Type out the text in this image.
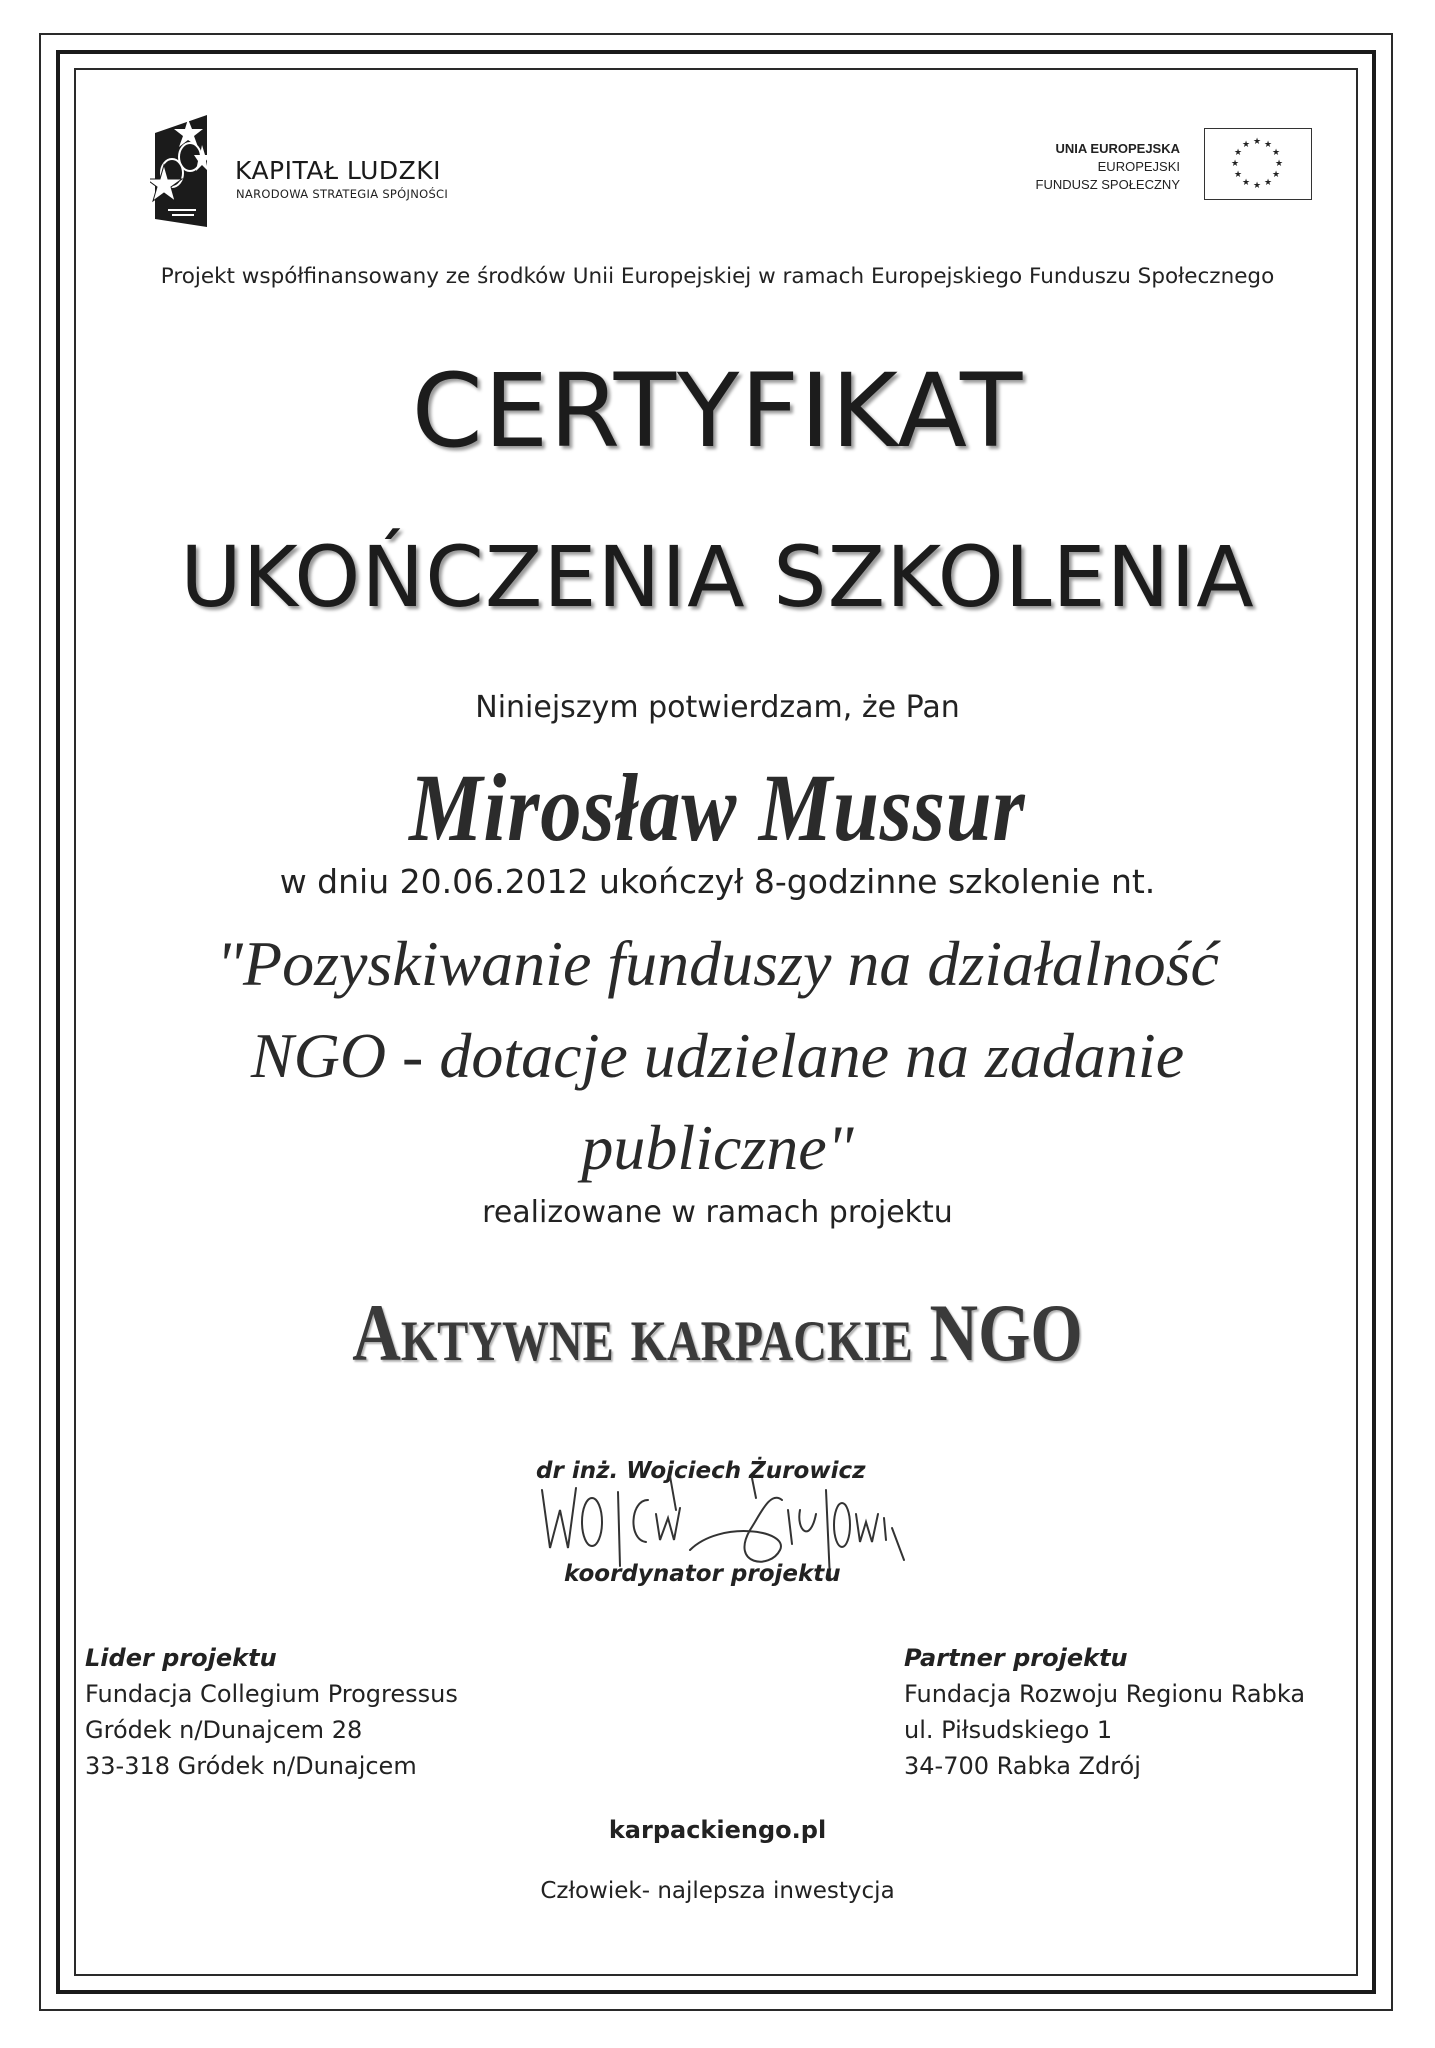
KAPITAŁ LUDZKI
NARODOWA STRATEGIA SPÓJNOŚCI
UNIA EUROPEJSKA
EUROPEJSKI
FUNDUSZ SPOŁECZNY
★ ★
★
★
★
★
★
★
★
★
★
★
Projekt współfinansowany ze środków Unii Europejskiej w ramach Europejskiego Funduszu Społecznego
CERTYFIKAT
UKOŃCZENIA SZKOLENIA
Niniejszym potwierdzam, że Pan
Mirosław Mussur
w dniu 20.06.2012 ukończył 8-godzinne szkolenie nt.
"Pozyskiwanie funduszy na działalność
NGO - dotacje udzielane na zadanie
publiczne"
realizowane w ramach projektu
Aktywne karpackie NGO
dr inż. Wojciech Żurowicz
koordynator projektu
Lider projektu
Fundacja Collegium Progressus
Gródek n/Dunajcem 28
33-318 Gródek n/Dunajcem
Partner projektu
Fundacja Rozwoju Regionu Rabka
ul. Piłsudskiego 1
34-700 Rabka Zdrój
karpackiengo.pl
Człowiek- najlepsza inwestycja
